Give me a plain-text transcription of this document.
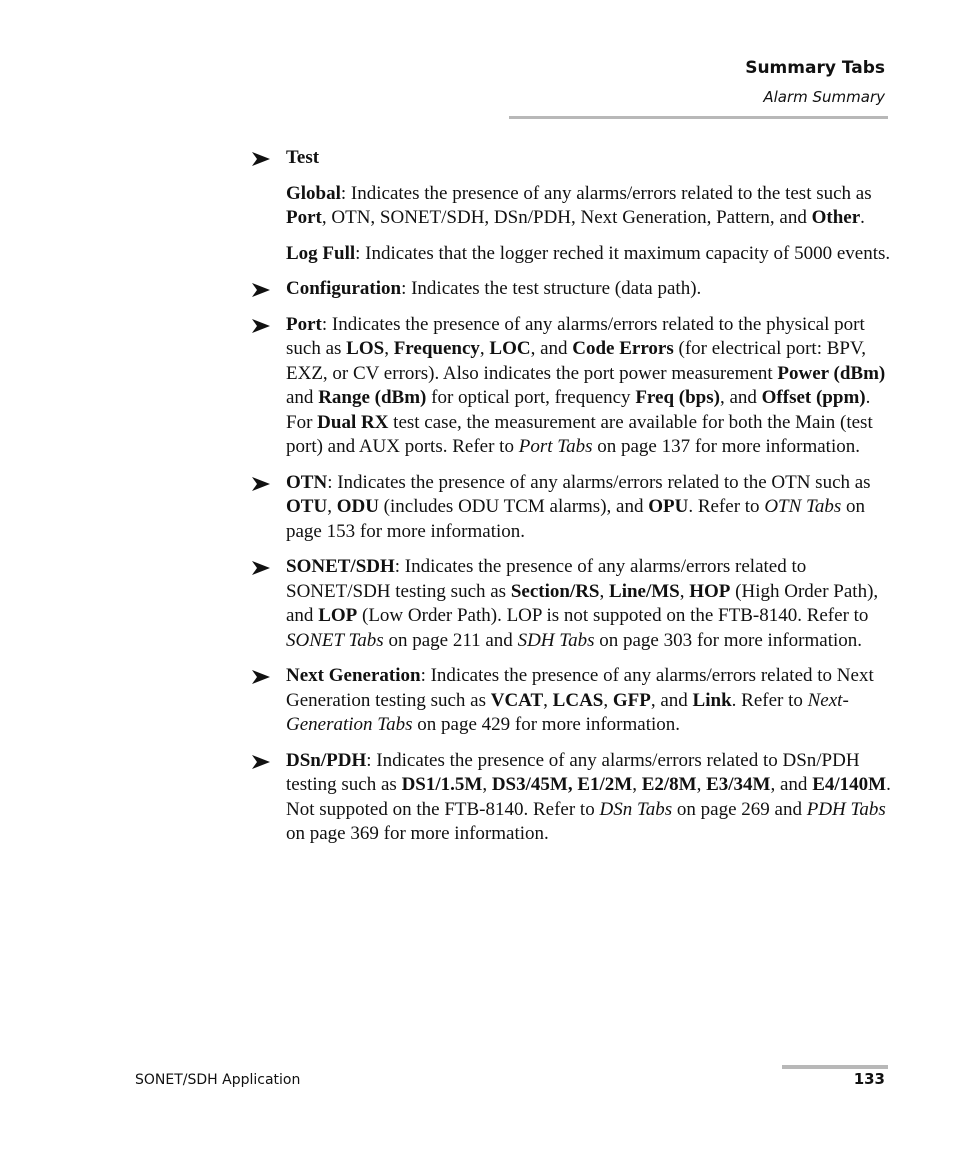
Summary Tabs
Alarm Summary

Test

Global: Indicates the presence of any alarms/errors related to the test such as Port, OTN, SONET/SDH, DSn/PDH, Next Generation, Pattern, and Other.

Log Full: Indicates that the logger reched it maximum capacity of 5000 events.

Configuration: Indicates the test structure (data path).

Port: Indicates the presence of any alarms/errors related to the physical port such as LOS, Frequency, LOC, and Code Errors (for electrical port: BPV, EXZ, or CV errors). Also indicates the port power measurement Power (dBm) and Range (dBm) for optical port, frequency Freq (bps), and Offset (ppm). For Dual RX test case, the measurement are available for both the Main (test port) and AUX ports. Refer to Port Tabs on page 137 for more information.

OTN: Indicates the presence of any alarms/errors related to the OTN such as OTU, ODU (includes ODU TCM alarms), and OPU. Refer to OTN Tabs on page 153 for more information.

SONET/SDH: Indicates the presence of any alarms/errors related to SONET/SDH testing such as Section/RS, Line/MS, HOP (High Order Path), and LOP (Low Order Path). LOP is not suppoted on the FTB-8140. Refer to SONET Tabs on page 211 and SDH Tabs on page 303 for more information.

Next Generation: Indicates the presence of any alarms/errors related to Next Generation testing such as VCAT, LCAS, GFP, and Link. Refer to Next-Generation Tabs on page 429 for more information.

DSn/PDH: Indicates the presence of any alarms/errors related to DSn/PDH testing such as DS1/1.5M, DS3/45M, E1/2M, E2/8M, E3/34M, and E4/140M. Not suppoted on the FTB-8140. Refer to DSn Tabs on page 269 and PDH Tabs on page 369 for more information.

SONET/SDH Application	133
